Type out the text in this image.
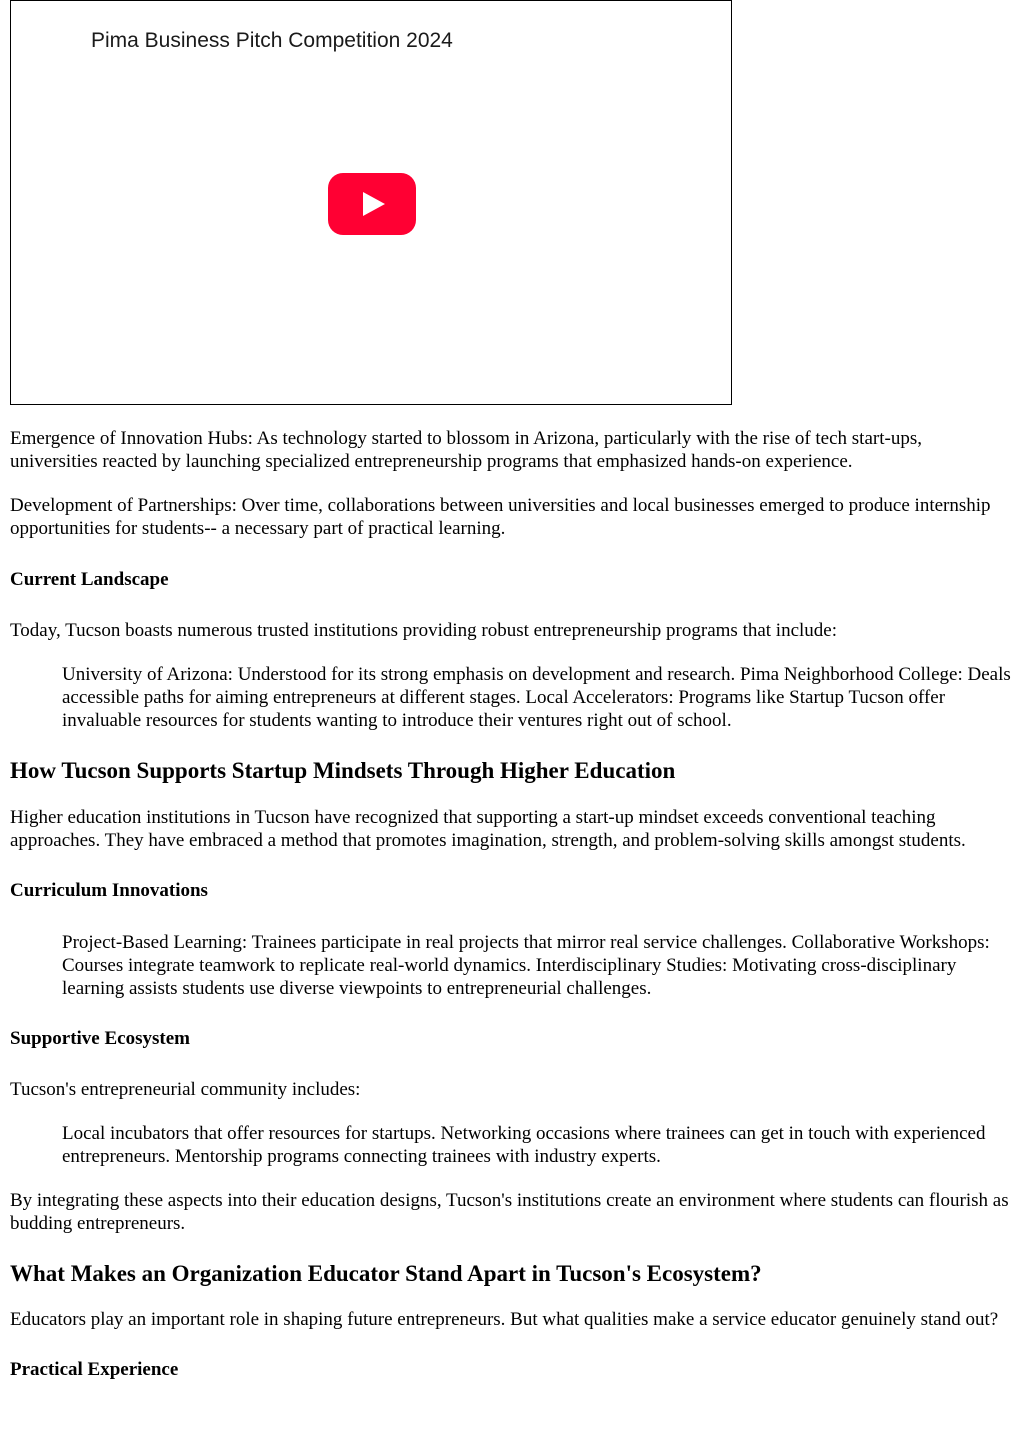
Pima Business Pitch Competition 2024

Emergence of Innovation Hubs: As technology started to blossom in Arizona, particularly with the rise of tech start-ups, universities reacted by launching specialized entrepreneurship programs that emphasized hands-on experience.

Development of Partnerships: Over time, collaborations between universities and local businesses emerged to produce internship opportunities for students-- a necessary part of practical learning.

Current Landscape

Today, Tucson boasts numerous trusted institutions providing robust entrepreneurship programs that include:

University of Arizona: Understood for its strong emphasis on development and research. Pima Neighborhood College: Deals accessible paths for aiming entrepreneurs at different stages. Local Accelerators: Programs like Startup Tucson offer invaluable resources for students wanting to introduce their ventures right out of school.
How Tucson Supports Startup Mindsets Through Higher Education

Higher education institutions in Tucson have recognized that supporting a start-up mindset exceeds conventional teaching approaches. They have embraced a method that promotes imagination, strength, and problem-solving skills amongst students.

Curriculum Innovations
Project-Based Learning: Trainees participate in real projects that mirror real service challenges. Collaborative Workshops: Courses integrate teamwork to replicate real-world dynamics. Interdisciplinary Studies: Motivating cross-disciplinary learning assists students use diverse viewpoints to entrepreneurial challenges.
Supportive Ecosystem

Tucson's entrepreneurial community includes:

Local incubators that offer resources for startups. Networking occasions where trainees can get in touch with experienced entrepreneurs. Mentorship programs connecting trainees with industry experts.

By integrating these aspects into their education designs, Tucson's institutions create an environment where students can flourish as budding entrepreneurs.

What Makes an Organization Educator Stand Apart in Tucson's Ecosystem?

Educators play an important role in shaping future entrepreneurs. But what qualities make a service educator genuinely stand out?

Practical Experience
